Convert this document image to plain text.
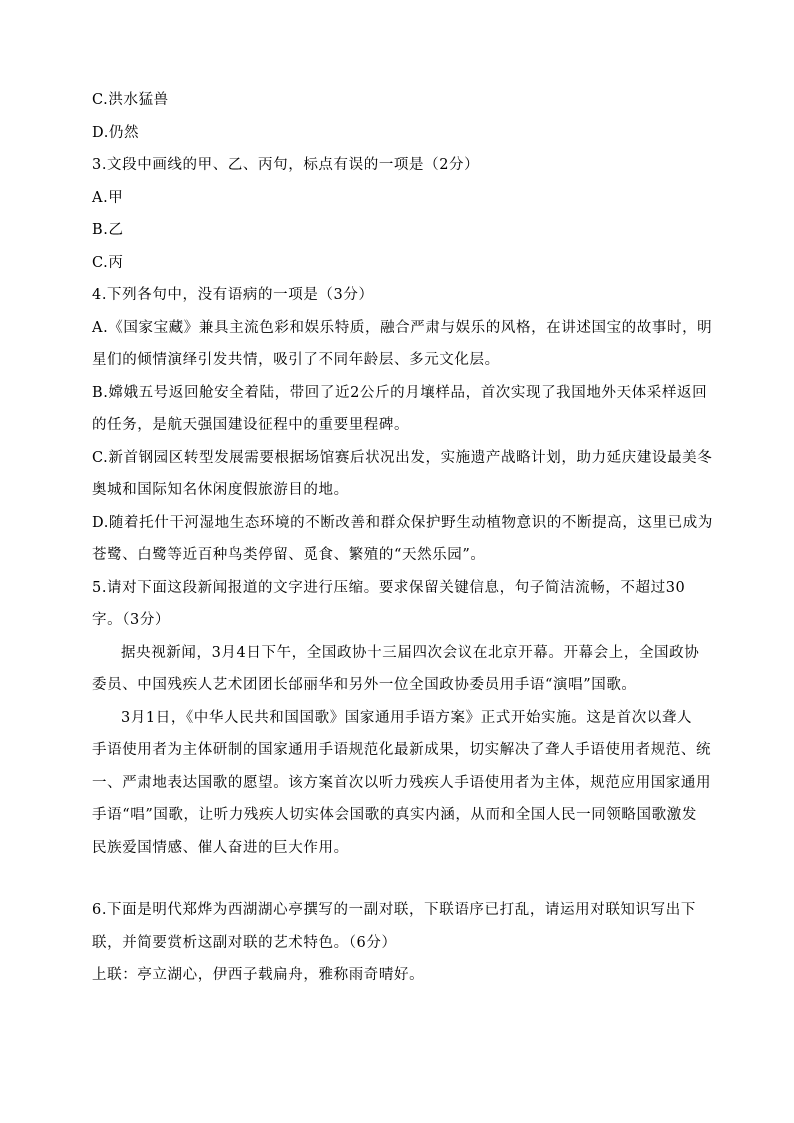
C.洪水猛兽
D.仍然
3.文段中画线的甲、乙、丙句，标点有误的一项是（2分）
A.甲
B.乙
C.丙
4.下列各句中，没有语病的一项是（3分）
A.《国家宝藏》兼具主流色彩和娱乐特质，融合严肃与娱乐的风格，在讲述国宝的故事时，明
星们的倾情演绎引发共情，吸引了不同年龄层、多元文化层。
B.嫦娥五号返回舱安全着陆，带回了近2公斤的月壤样品，首次实现了我国地外天体采样返回
的任务，是航天强国建设征程中的重要里程碑。
C.新首钢园区转型发展需要根据场馆赛后状况出发，实施遗产战略计划，助力延庆建设最美冬
奥城和国际知名休闲度假旅游目的地。
D.随着托什干河湿地生态环境的不断改善和群众保护野生动植物意识的不断提高，这里已成为
苍鹭、白鹭等近百种鸟类停留、觅食、繁殖的“天然乐园”。
5.请对下面这段新闻报道的文字进行压缩。要求保留关键信息，句子简洁流畅，不超过30
字。（3分）
据央视新闻，3月4日下午，全国政协十三届四次会议在北京开幕。开幕会上，全国政协
委员、中国残疾人艺术团团长邰丽华和另外一位全国政协委员用手语“演唱”国歌。
3月1日，《中华人民共和国国歌》国家通用手语方案》正式开始实施。这是首次以聋人
手语使用者为主体研制的国家通用手语规范化最新成果，切实解决了聋人手语使用者规范、统
一、严肃地表达国歌的愿望。该方案首次以听力残疾人手语使用者为主体，规范应用国家通用
手语“唱”国歌，让听力残疾人切实体会国歌的真实内涵，从而和全国人民一同领略国歌激发
民族爱国情感、催人奋进的巨大作用。
6.下面是明代郑烨为西湖湖心亭撰写的一副对联，下联语序已打乱，请运用对联知识写出下
联，并简要赏析这副对联的艺术特色。（6分）
上联：亭立湖心，伊西子载扁舟，雅称雨奇晴好。
